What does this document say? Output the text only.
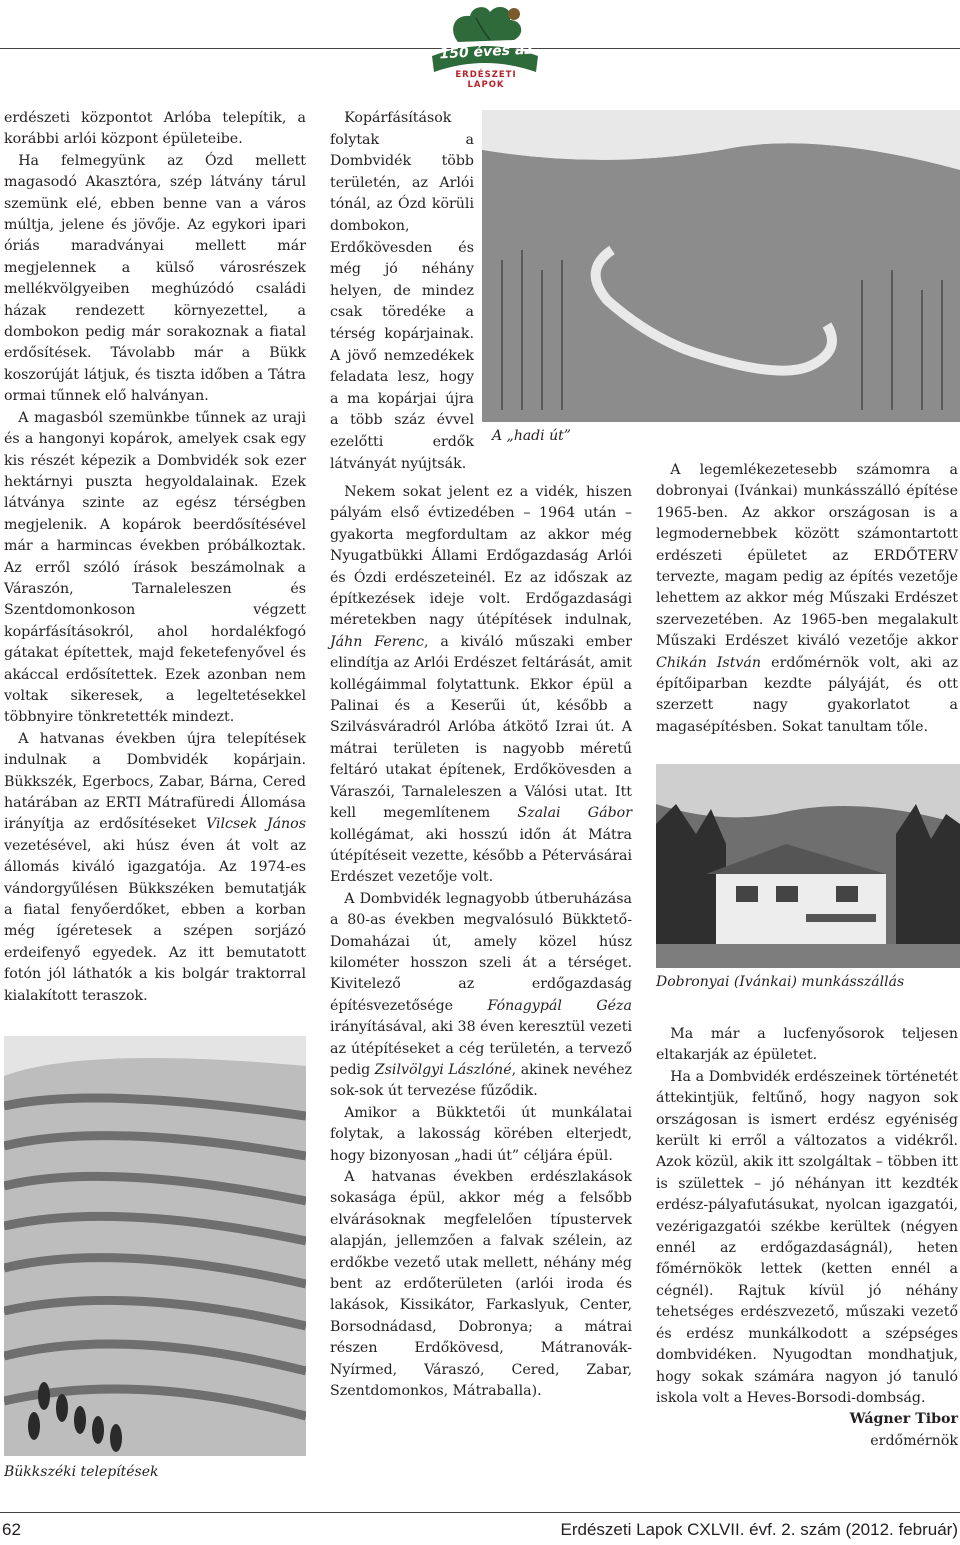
150 éves az
ERDÉSZETI
LAPOK

erdészeti központot Arlóba telepítik, a korábbi arlói központ épületeibe.

Ha felmegyünk az Ózd mellett magasodó Akasztóra, szép látvány tárul szemünk elé, ebben benne van a város múltja, jelene és jövője. Az egykori ipari óriás maradványai mellett már megjelennek a külső városrészek mellékvölgyeiben meghúzódó családi házak rendezett környezettel, a dombokon pedig már sorakoznak a fiatal erdősítések. Távolabb már a Bükk koszorúját látjuk, és tiszta időben a Tátra ormai tűnnek elő halványan.

A magasból szemünkbe tűnnek az uraji és a hangonyi kopárok, amelyek csak egy kis részét képezik a Dombvidék sok ezer hektárnyi puszta hegyoldalainak. Ezek látványa szinte az egész térségben megjelenik. A kopárok beerdősítésével már a harmincas években próbálkoztak. Az erről szóló írások beszámolnak a Váraszón, Tarnaleleszen és Szentdomonkoson végzett kopárfásításokról, ahol hordalékfogó gátakat építettek, majd feketefenyővel és akáccal erdősítettek. Ezek azonban nem voltak sikeresek, a legeltetésekkel többnyire tönkretették mindezt.

A hatvanas években újra telepítések indulnak a Dombvidék kopárjain. Bükkszék, Egerbocs, Zabar, Bárna, Cered határában az ERTI Mátrafüredi Állomása irányítja az erdősítéseket Vilcsek János vezetésével, aki húsz éven át volt az állomás kiváló igazgatója. Az 1974-es vándorgyűlésen Bükkszéken bemutatják a fiatal fenyőerdőket, ebben a korban még ígéretesek a szépen sorjázó erdeifenyő egyedek. Az itt bemutatott fotón jól láthatók a kis bolgár traktorral kialakított teraszok.

Bükkszéki telepítések

Kopárfásítások folytak a Dombvidék több területén, az Arlói tónál, az Ózd körüli dombokon, Erdőkövesden és még jó néhány helyen, de mindez csak töredéke a térség kopárjainak. A jövő nemzedékek feladata lesz, hogy a ma kopárjai újra a több száz évvel ezelőtti erdők látványát nyújtsák.

A „hadi út”

Nekem sokat jelent ez a vidék, hiszen pályám első évtizedében – 1964 után – gyakorta megfordultam az akkor még Nyugatbükki Állami Erdőgazdaság Arlói és Ózdi erdészeteinél. Ez az időszak az építkezések ideje volt. Erdőgazdasági méretekben nagy útépítések indulnak, Jáhn Ferenc, a kiváló műszaki ember elindítja az Arlói Erdészet feltárását, amit kollégáimmal folytattunk. Ekkor épül a Palinai és a Keserűi út, később a Szilvásváradról Arlóba átkötő Izrai út. A mátrai területen is nagyobb méretű feltáró utakat építenek, Erdőkövesden a Váraszói, Tarnaleleszen a Válósi utat. Itt kell megemlítenem Szalai Gábor kollégámat, aki hosszú időn át Mátra útépítéseit vezette, később a Pétervásárai Erdészet vezetője volt.

A Dombvidék legnagyobb útberuházása a 80-as években megvalósuló Bükktető-Domaházai út, amely közel húsz kilométer hosszon szeli át a térséget. Kivitelező az erdőgazdaság építésvezetősége Fónagypál Géza irányításával, aki 38 éven keresztül vezeti az útépítéseket a cég területén, a tervező pedig Zsilvölgyi Lászlóné, akinek nevéhez sok-sok út tervezése fűződik.

Amikor a Bükktetői út munkálatai folytak, a lakosság körében elterjedt, hogy bizonyosan „hadi út” céljára épül.

A hatvanas években erdészlakások sokasága épül, akkor még a felsőbb elvárásoknak megfelelően típustervek alapján, jellemzően a falvak szélein, az erdőkbe vezető utak mellett, néhány még bent az erdőterületen (arlói iroda és lakások, Kissikátor, Farkaslyuk, Center, Borsodnádasd, Dobronya; a mátrai részen Erdőkövesd, Mátranovák-Nyírmed, Váraszó, Cered, Zabar, Szentdomonkos, Mátraballa).

A legemlékezetesebb számomra a dobronyai (Ivánkai) munkásszálló építése 1965-ben. Az akkor országosan is a legmodernebbek között számontartott erdészeti épületet az ERDŐTERV tervezte, magam pedig az építés vezetője lehettem az akkor még Műszaki Erdészet szervezetében. Az 1965-ben megalakult Műszaki Erdészet kiváló vezetője akkor Chikán István erdőmérnök volt, aki az építőiparban kezdte pályáját, és ott szerzett nagy gyakorlatot a magasépítésben. Sokat tanultam tőle.

Dobronyai (Ivánkai) munkásszállás

Ma már a lucfenyősorok teljesen eltakarják az épületet.

Ha a Dombvidék erdészeinek történetét áttekintjük, feltűnő, hogy nagyon sok országosan is ismert erdész egyéniség került ki erről a változatos a vidékről. Azok közül, akik itt szolgáltak – többen itt is születtek – jó néhányan itt kezdték erdész-pályafutásukat, nyolcan igazgatói, vezérigazgatói székbe kerültek (négyen ennél az erdőgazdaságnál), heten főmérnökök lettek (ketten ennél a cégnél). Rajtuk kívül jó néhány tehetséges erdészvezető, műszaki vezető és erdész munkálkodott a szépséges dombvidéken. Nyugodtan mondhatjuk, hogy sokak számára nagyon jó tanuló iskola volt a Heves-Borsodi-dombság.

Wágner Tibor

erdőmérnök

62	Erdészeti Lapok CXLVII. évf. 2. szám (2012. február)
